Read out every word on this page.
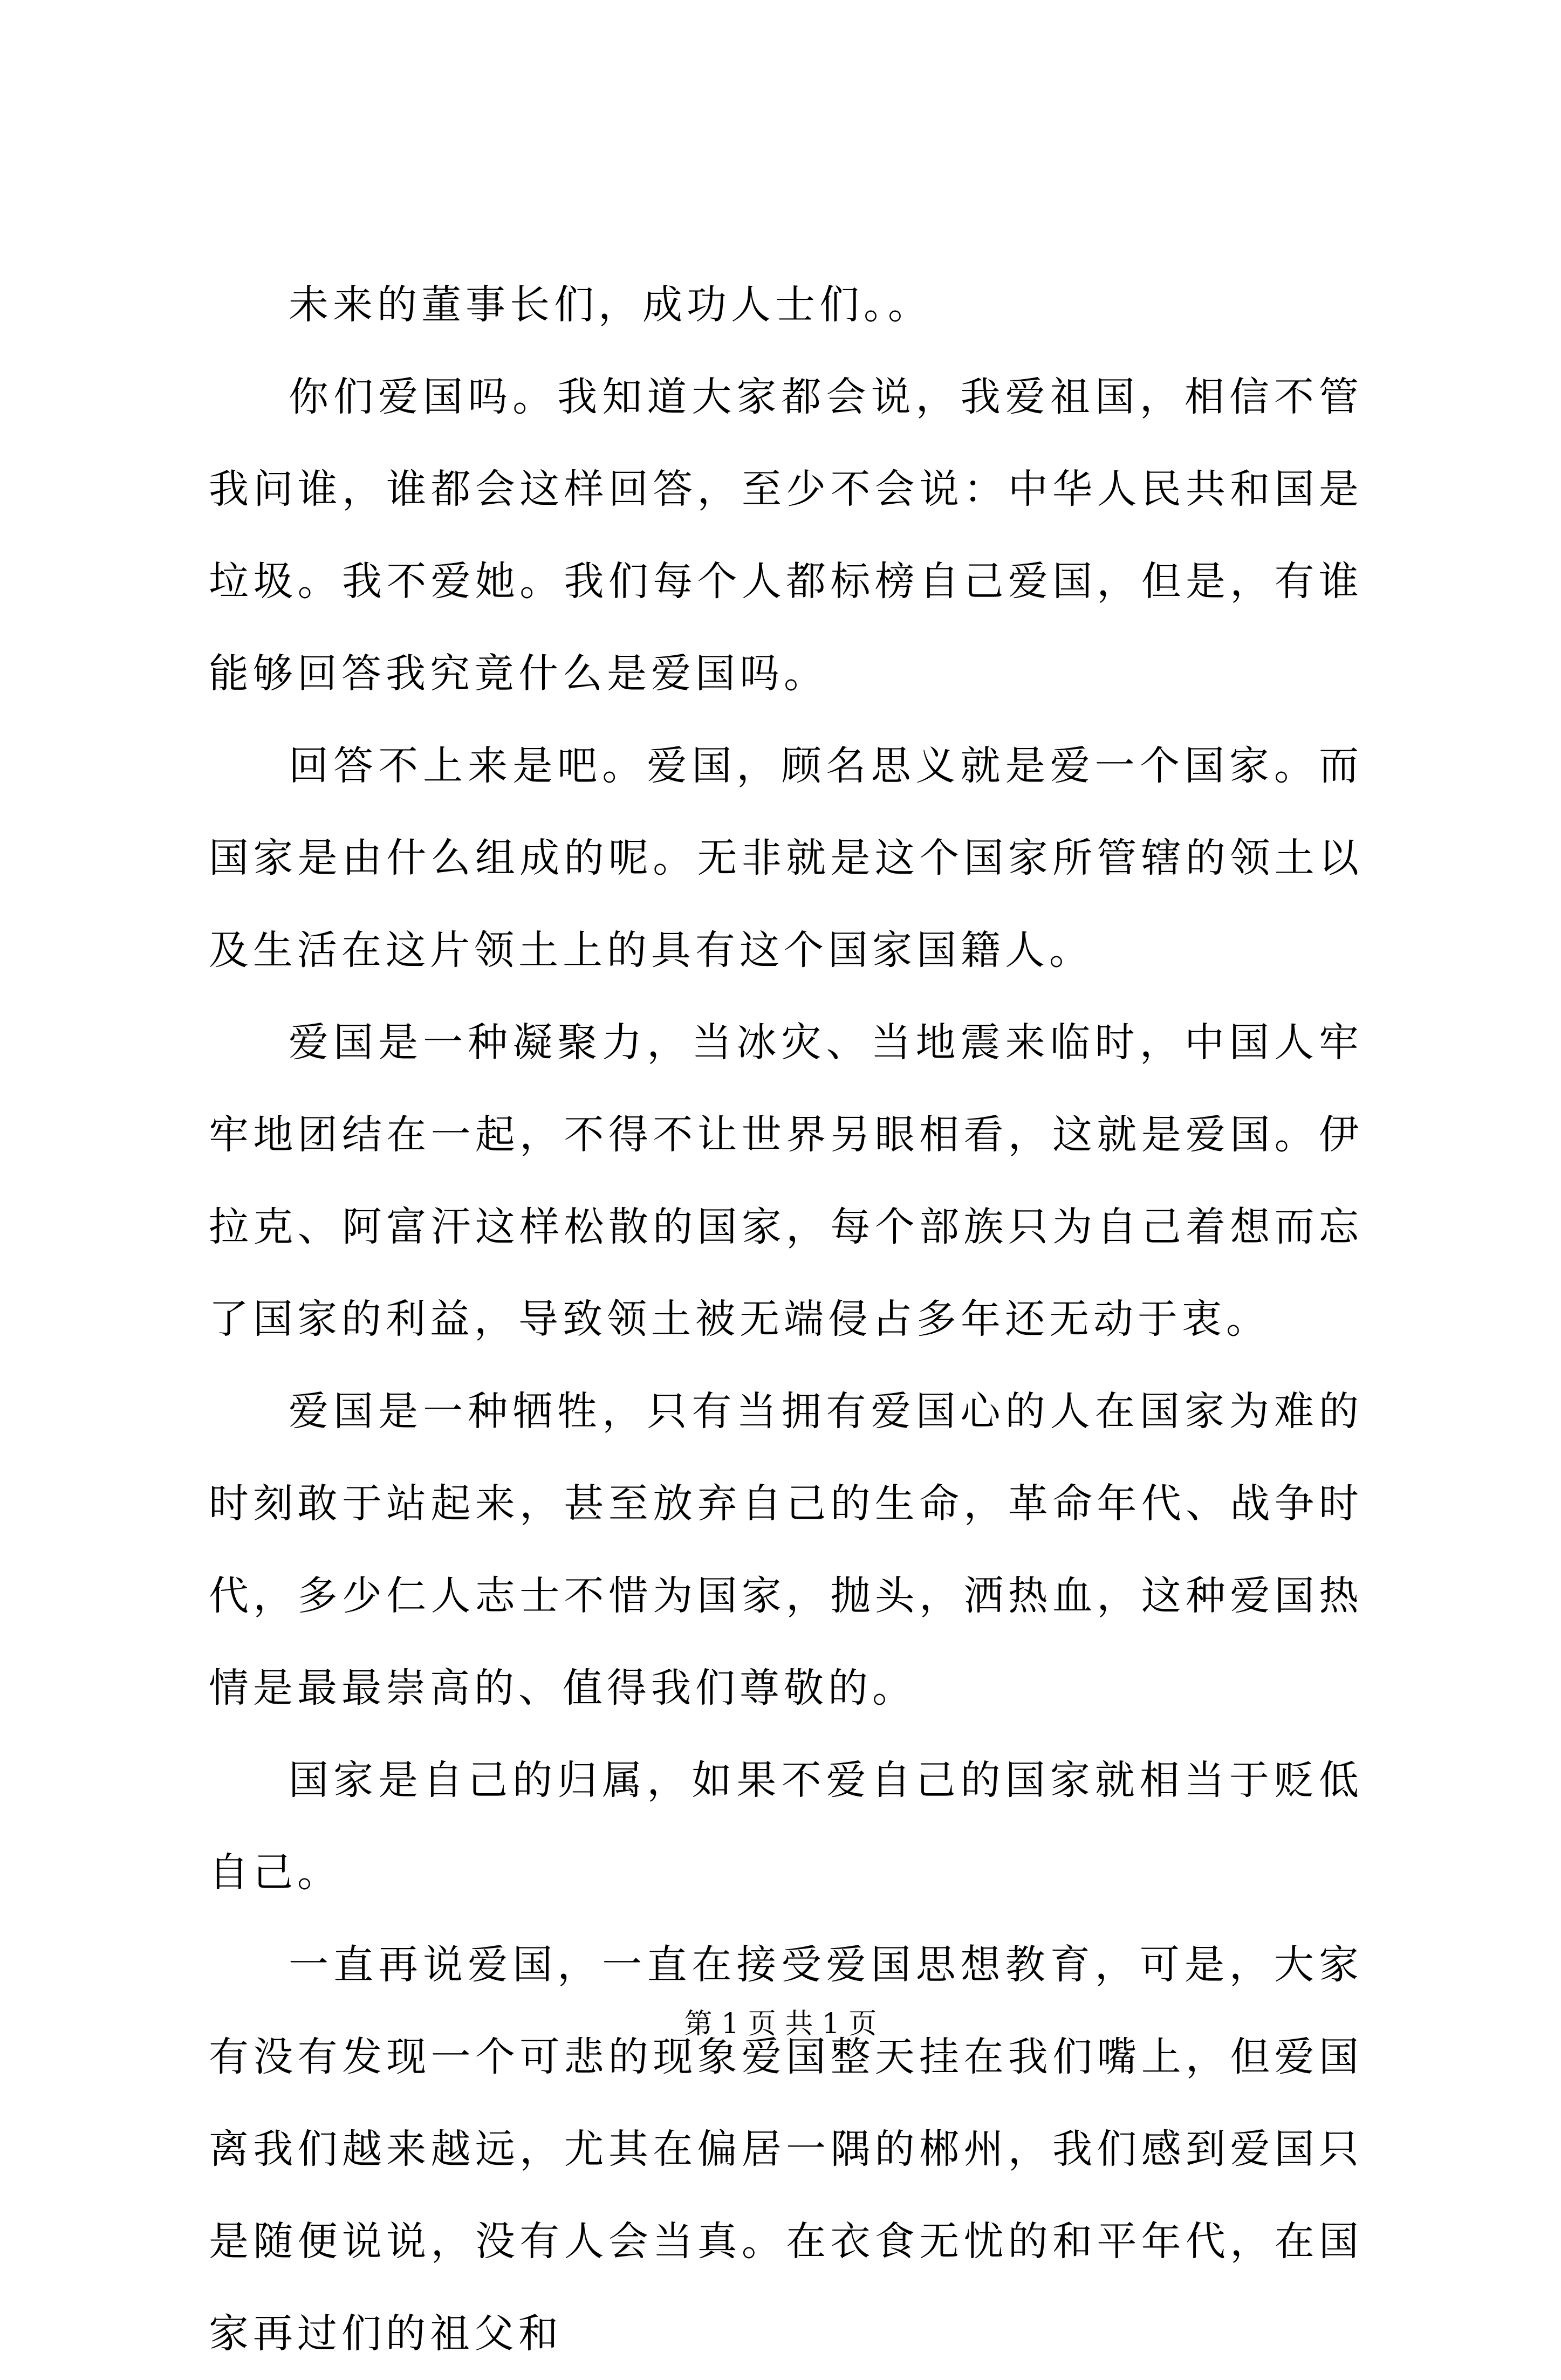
未来的董事长们，成功人士们。。

你们爱国吗。我知道大家都会说，我爱祖国，相信不管我问谁，谁都会这样回答，至少不会说：中华人民共和国是垃圾。我不爱她。我们每个人都标榜自己爱国，但是，有谁能够回答我究竟什么是爱国吗。

回答不上来是吧。爱国，顾名思义就是爱一个国家。而国家是由什么组成的呢。无非就是这个国家所管辖的领土以及生活在这片领土上的具有这个国家国籍人。

爱国是一种凝聚力，当冰灾、当地震来临时，中国人牢牢地团结在一起，不得不让世界另眼相看，这就是爱国。伊拉克、阿富汗这样松散的国家，每个部族只为自己着想而忘了国家的利益，导致领土被无端侵占多年还无动于衷。

爱国是一种牺牲，只有当拥有爱国心的人在国家为难的时刻敢于站起来，甚至放弃自己的生命，革命年代、战争时代，多少仁人志士不惜为国家，抛头，洒热血，这种爱国热情是最最崇高的、值得我们尊敬的。

国家是自己的归属，如果不爱自己的国家就相当于贬低自己。

一直再说爱国，一直在接受爱国思想教育，可是，大家有没有发现一个可悲的现象爱国整天挂在我们嘴上，但爱国离我们越来越远，尤其在偏居一隅的郴州，我们感到爱国只是随便说说，没有人会当真。在衣食无忧的和平年代，在国家再过们的祖父和

第 1 页 共 1 页
